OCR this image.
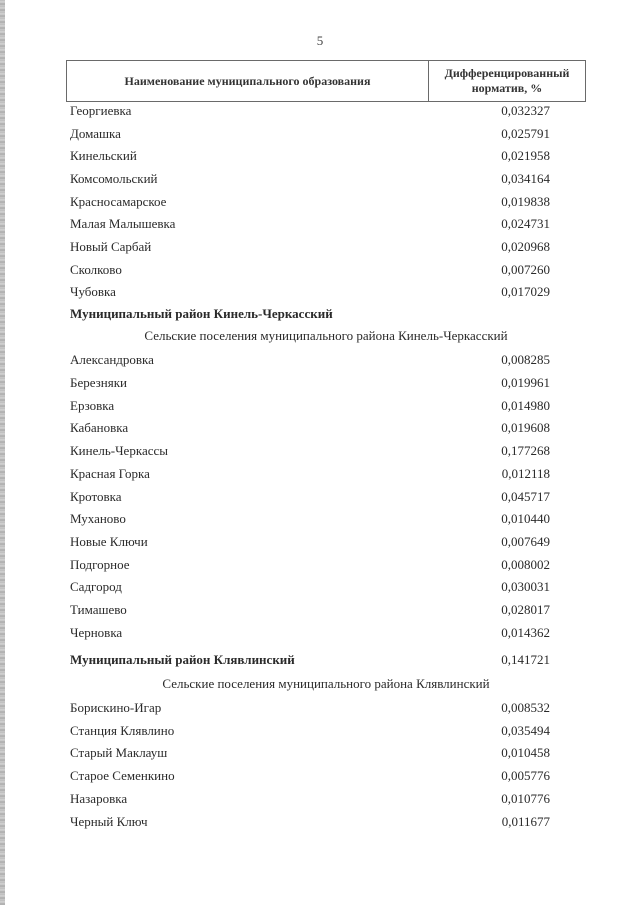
5
Наименование муниципального образования
Дифференцированный
норматив, %
Георгиевка	0,032327
Домашка	0,025791
Кинельский	0,021958
Комсомольский	0,034164
Красносамарское	0,019838
Малая Малышевка	0,024731
Новый Сарбай	0,020968
Сколково	0,007260
Чубовка	0,017029
Муниципальный район Кинель-Черкасский
Сельские поселения муниципального района Кинель-Черкасский
Александровка	0,008285
Березняки	0,019961
Ерзовка	0,014980
Кабановка	0,019608
Кинель-Черкассы	0,177268
Красная Горка	0,012118
Кротовка	0,045717
Муханово	0,010440
Новые Ключи	0,007649
Подгорное	0,008002
Садгород	0,030031
Тимашево	0,028017
Черновка	0,014362
Муниципальный район Клявлинский	0,141721
Сельские поселения муниципального района Клявлинский
Борискино-Игар	0,008532
Станция Клявлино	0,035494
Старый Маклауш	0,010458
Старое Семенкино	0,005776
Назаровка	0,010776
Черный Ключ	0,011677
